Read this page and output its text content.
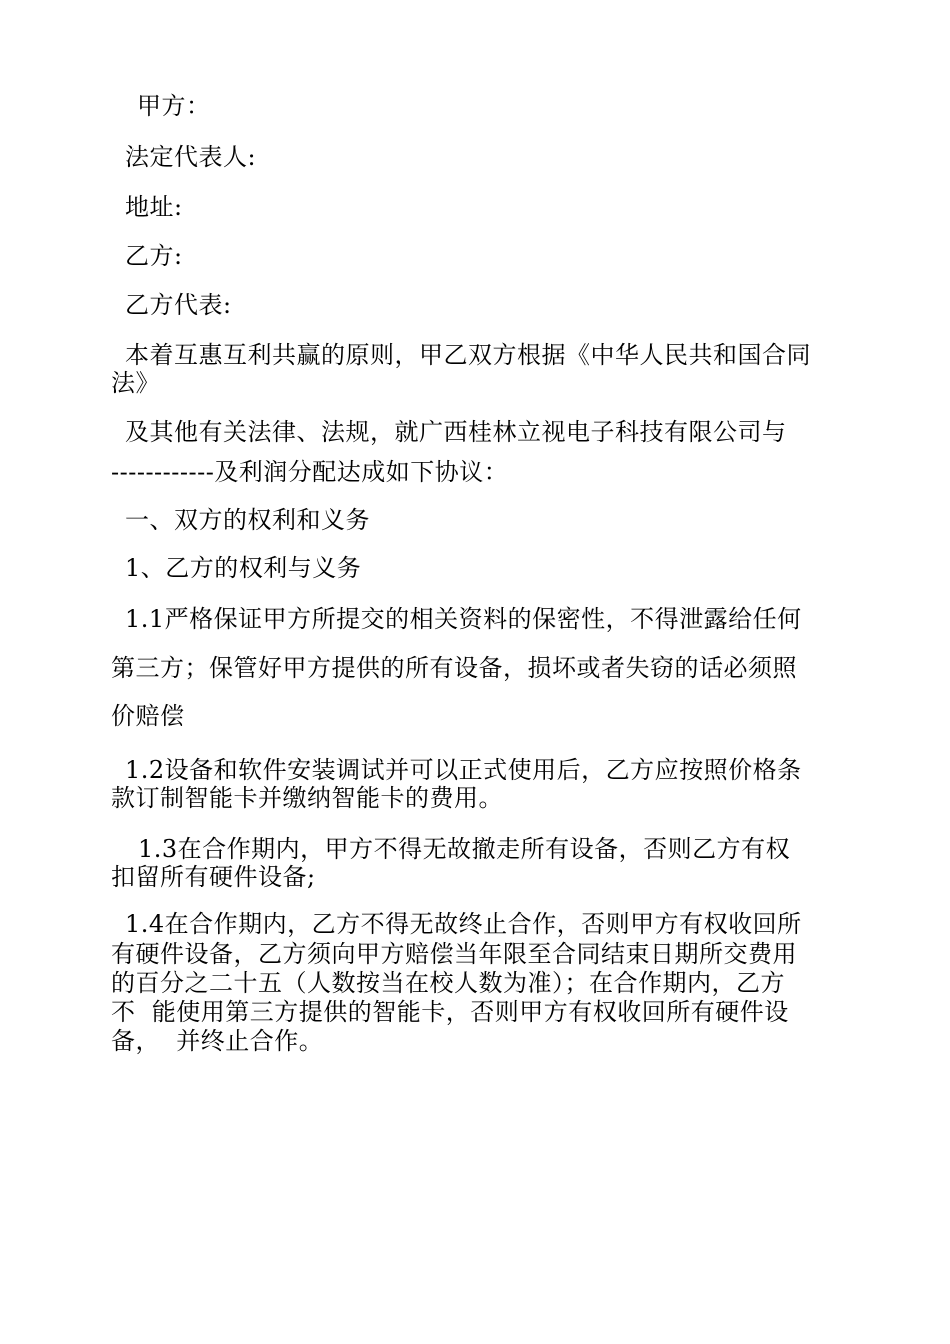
甲方：
法定代表人:
地址:
乙方:
乙方代表:
本着互惠互利共赢的原则，甲乙双方根据《中华人民共和国合同
法》
及其他有关法律、法规，就广西桂林立视电子科技有限公司与
------------及利润分配达成如下协议：
一、双方的权利和义务
1、乙方的权利与义务
1.1严格保证甲方所提交的相关资料的保密性，不得泄露给任何
第三方；保管好甲方提供的所有设备，损坏或者失窃的话必须照
价赔偿
1.2设备和软件安装调试并可以正式使用后，乙方应按照价格条
款订制智能卡并缴纳智能卡的费用。
1.3在合作期内，甲方不得无故撤走所有设备，否则乙方有权
扣留所有硬件设备;
1.4在合作期内，乙方不得无故终止合作，否则甲方有权收回所
有硬件设备，乙方须向甲方赔偿当年限至合同结束日期所交费用
的百分之二十五（人数按当在校人数为准）；在合作期内，乙方
不  能使用第三方提供的智能卡，否则甲方有权收回所有硬件设
备，  并终止合作。
